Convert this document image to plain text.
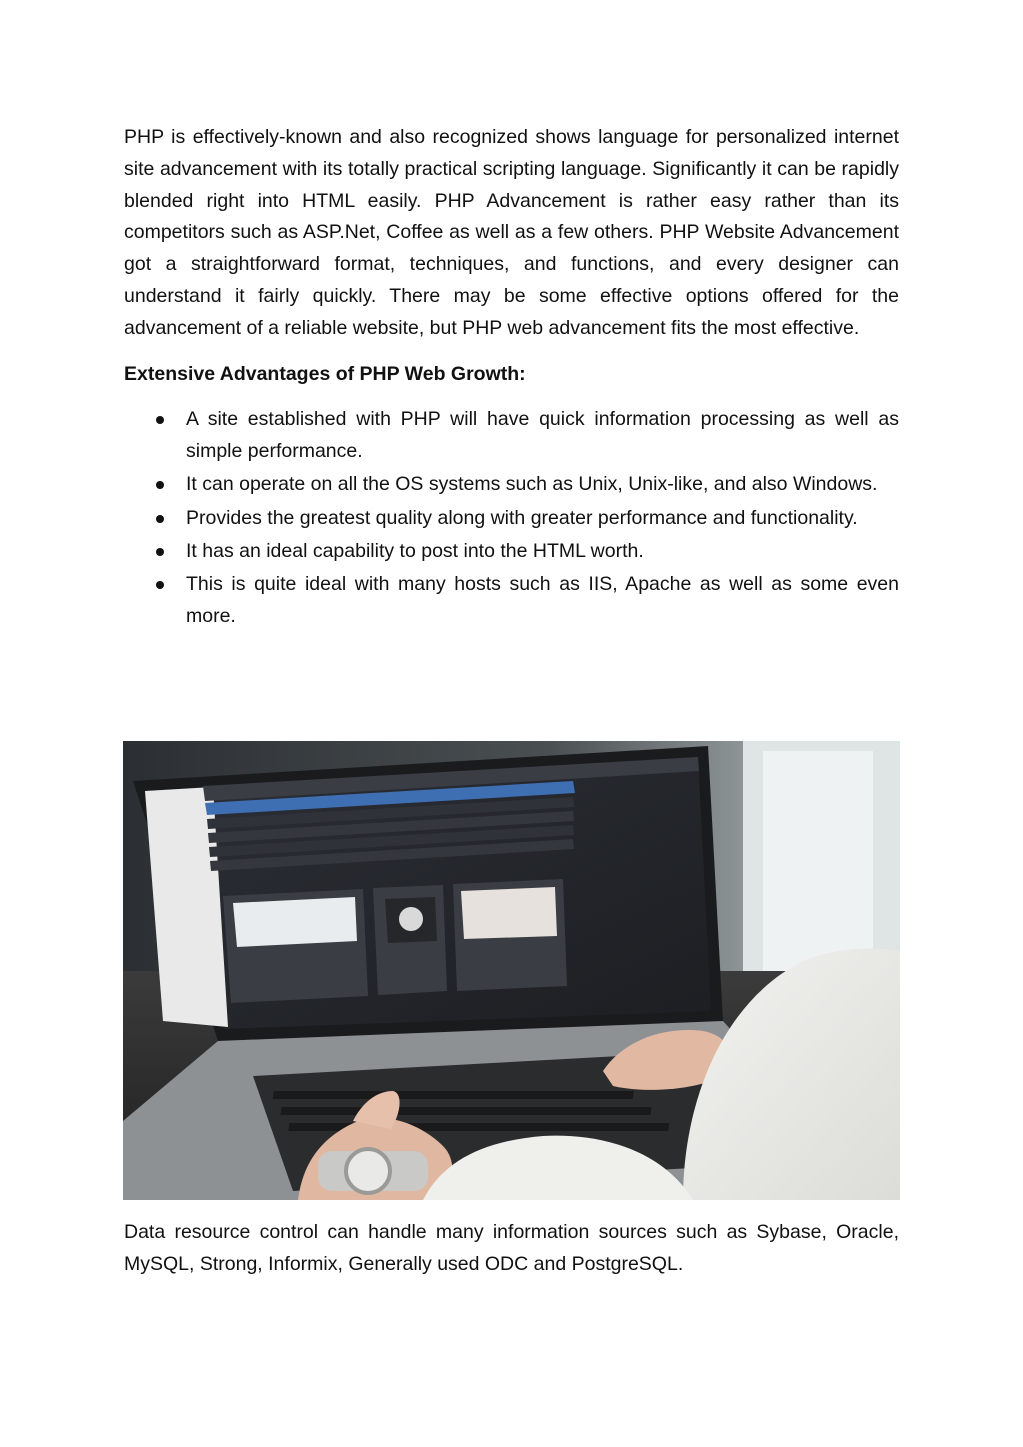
PHP is effectively-known and also recognized shows language for personalized internet site advancement with its totally practical scripting language. Significantly it can be rapidly blended right into HTML easily. PHP Advancement is rather easy rather than its competitors such as ASP.Net, Coffee as well as a few others. PHP Website Advancement got a straightforward format, techniques, and functions, and every designer can understand it fairly quickly. There may be some effective options offered for the advancement of a reliable website, but PHP web advancement fits the most effective.

Extensive Advantages of PHP Web Growth:
A site established with PHP will have quick information processing as well as simple performance.
It can operate on all the OS systems such as Unix, Unix-like, and also Windows.
Provides the greatest quality along with greater performance and functionality.
It has an ideal capability to post into the HTML worth.
This is quite ideal with many hosts such as IIS, Apache as well as some even more.

Data resource control can handle many information sources such as Sybase, Oracle, MySQL, Strong, Informix, Generally used ODC and PostgreSQL.
